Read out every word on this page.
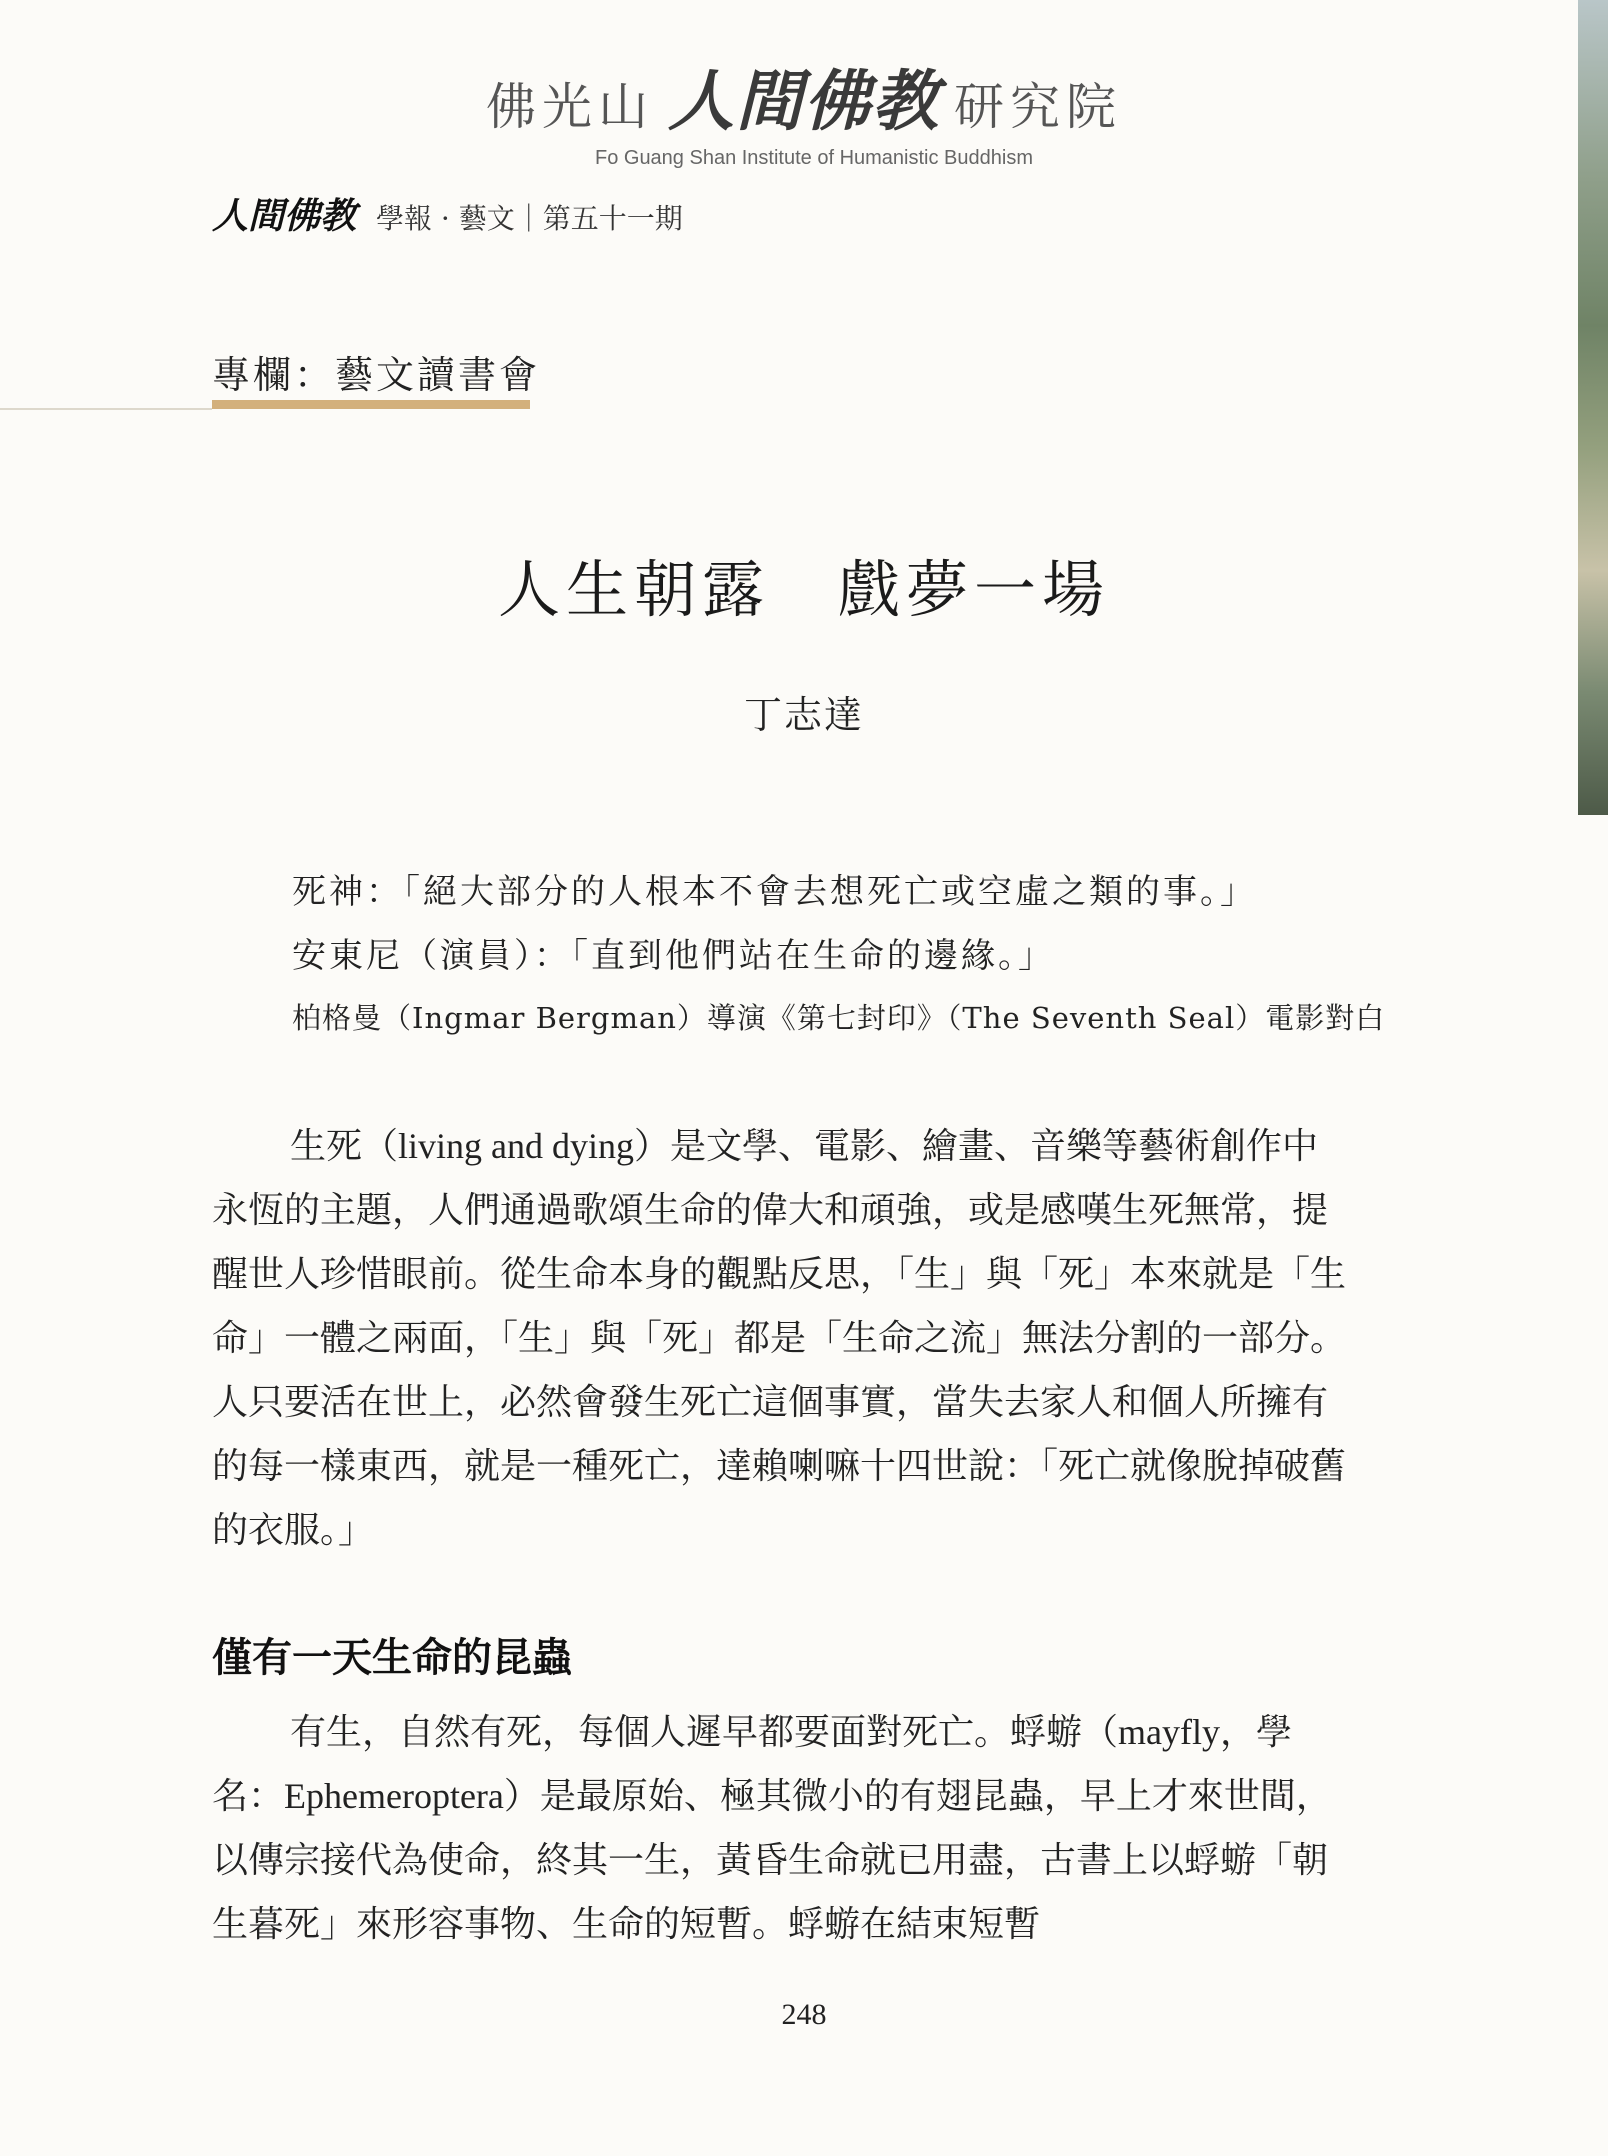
佛光山 人間佛教 研究院
Fo Guang Shan Institute of Humanistic Buddhism
人間佛教 學報 · 藝文｜第五十一期
專欄：藝文讀書會
人生朝露　戲夢一場
丁志達
死神：「絕大部分的人根本不會去想死亡或空虛之類的事。」
安東尼（演員）：「直到他們站在生命的邊緣。」
柏格曼（Ingmar Bergman）導演《第七封印》（The Seventh Seal）電影對白
生死（living and dying）是文學、電影、繪畫、音樂等藝術創作中永恆的主題，人們通過歌頌生命的偉大和頑強，或是感嘆生死無常，提醒世人珍惜眼前。從生命本身的觀點反思，「生」與「死」本來就是「生命」一體之兩面，「生」與「死」都是「生命之流」無法分割的一部分。人只要活在世上，必然會發生死亡這個事實，當失去家人和個人所擁有的每一樣東西，就是一種死亡，達賴喇嘛十四世說：「死亡就像脫掉破舊的衣服。」
僅有一天生命的昆蟲
有生，自然有死，每個人遲早都要面對死亡。蜉蝣（mayfly，學名：Ephemeroptera）是最原始、極其微小的有翅昆蟲，早上才來世間，以傳宗接代為使命，終其一生，黃昏生命就已用盡，古書上以蜉蝣「朝生暮死」來形容事物、生命的短暫。蜉蝣在結束短暫
248
